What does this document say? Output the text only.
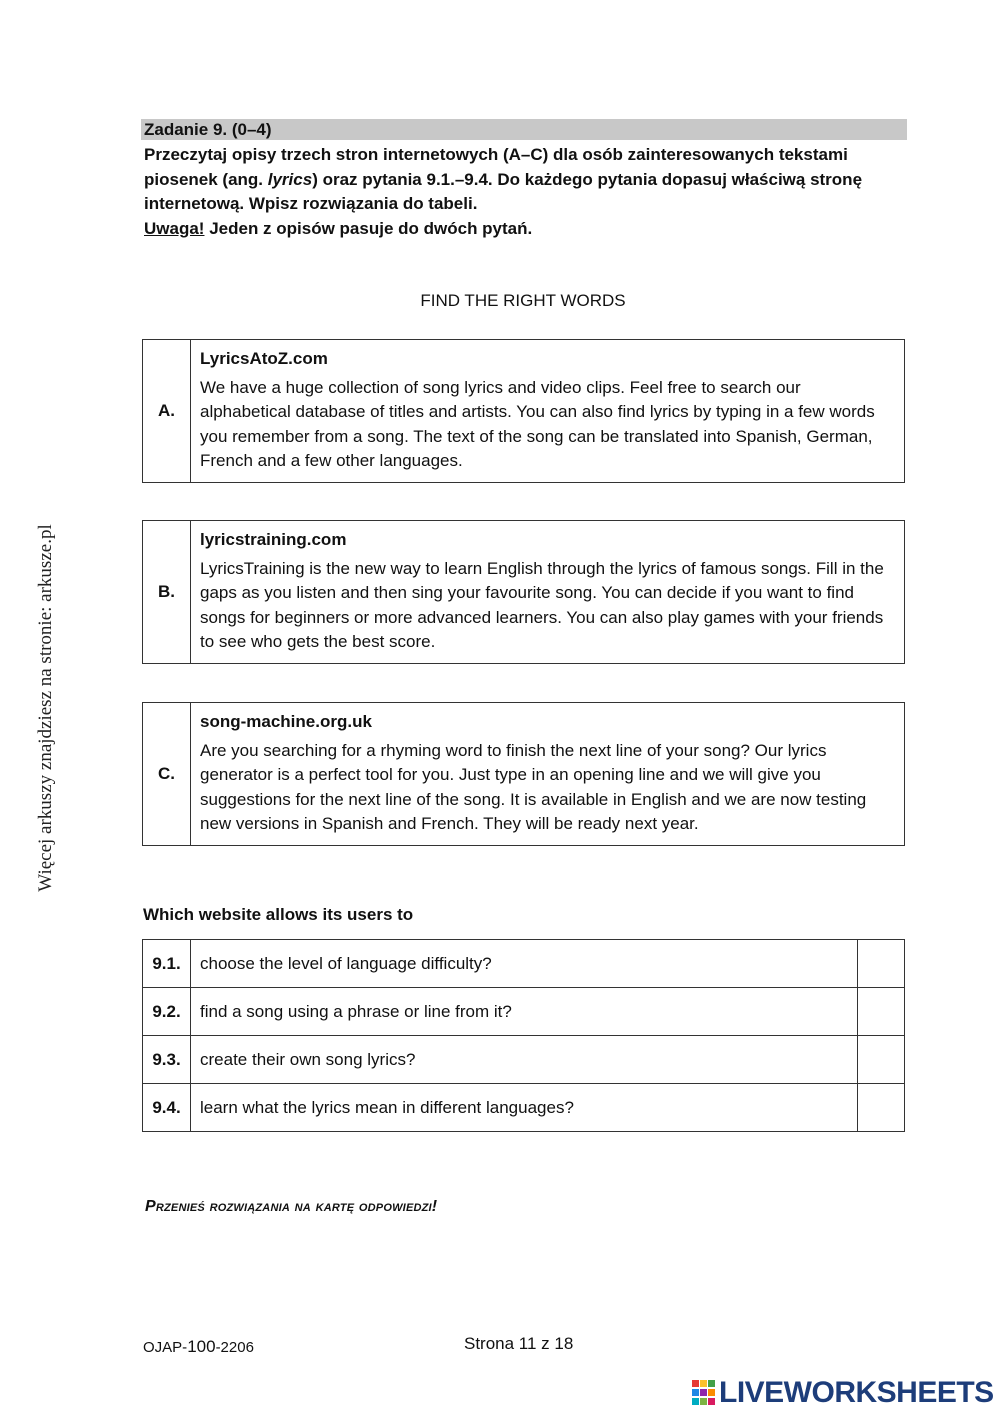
Więcej arkuszy znajdziesz na stronie: arkusze.pl
Zadanie 9. (0–4)

Przeczytaj opisy trzech stron internetowych (A–C) dla osób zainteresowanych tekstami piosenek (ang. lyrics) oraz pytania 9.1.–9.4. Do każdego pytania dopasuj właściwą stronę internetową. Wpisz rozwiązania do tabeli.

Uwaga! Jeden z opisów pasuje do dwóch pytań.

FIND THE RIGHT WORDS
A.	
LyricsAtoZ.com
We have a huge collection of song lyrics and video clips. Feel free to search our alphabetical database of titles and artists. You can also find lyrics by typing in a few words you remember from a song. The text of the song can be translated into Spanish, German, French and a few other languages.
B.	
lyricstraining.com
LyricsTraining is the new way to learn English through the lyrics of famous songs. Fill in the gaps as you listen and then sing your favourite song. You can decide if you want to find songs for beginners or more advanced learners. You can also play games with your friends to see who gets the best score.
C.	
song-machine.org.uk
Are you searching for a rhyming word to finish the next line of your song? Our lyrics generator is a perfect tool for you. Just type in an opening line and we will give you suggestions for the next line of the song. It is available in English and we are now testing new versions in Spanish and French. They will be ready next year.
Which website allows its users to
9.1.	choose the level of language difficulty?	
9.2.	find a song using a phrase or line from it?	
9.3.	create their own song lyrics?	
9.4.	learn what the lyrics mean in different languages?	
Przenieś rozwiązania na kartę odpowiedzi!
OJAP-100-2206	Strona 11 z 18
LIVEWORKSHEETS
